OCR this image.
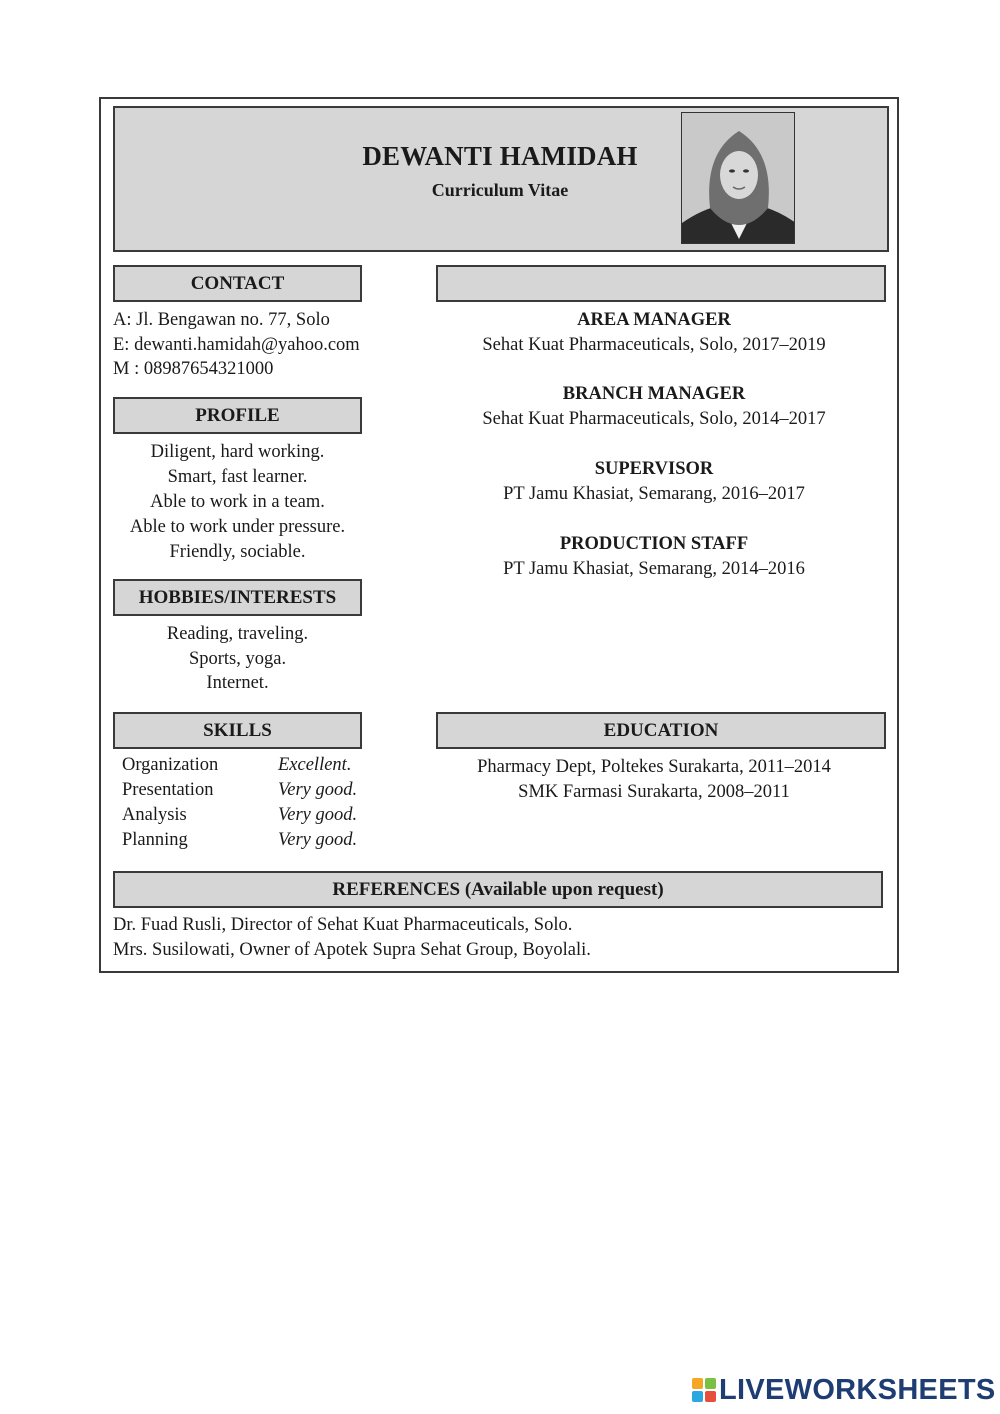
DEWANTI HAMIDAH
Curriculum Vitae
CONTACT
A: Jl. Bengawan no. 77, Solo
E: dewanti.hamidah@yahoo.com
M : 08987654321000
PROFILE
Diligent, hard working.
Smart, fast learner.
Able to work in a team.
Able to work under pressure.
Friendly, sociable.
HOBBIES/INTERESTS
Reading, traveling.
Sports, yoga.
Internet.
AREA MANAGER
Sehat Kuat Pharmaceuticals, Solo, 2017–2019
BRANCH MANAGER
Sehat Kuat Pharmaceuticals, Solo, 2014–2017
SUPERVISOR
PT Jamu Khasiat, Semarang, 2016–2017
PRODUCTION STAFF
PT Jamu Khasiat, Semarang, 2014–2016
SKILLS
Organization	Excellent.
Presentation	Very good.
Analysis	Very good.
Planning	Very good.
EDUCATION
Pharmacy Dept, Poltekes Surakarta, 2011–2014
SMK Farmasi Surakarta, 2008–2011
REFERENCES (Available upon request)
Dr. Fuad Rusli, Director of Sehat Kuat Pharmaceuticals, Solo.
Mrs. Susilowati, Owner of Apotek Supra Sehat Group, Boyolali.
LIVEWORKSHEETS
